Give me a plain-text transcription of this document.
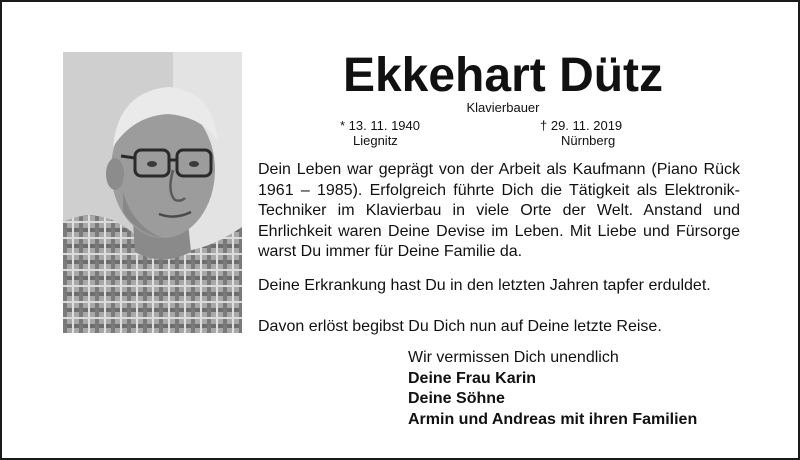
Ekkehart Dütz
Klavierbauer
* 13. 11. 1940
Liegnitz
† 29. 11. 2019
Nürnberg

Dein Leben war geprägt von der Arbeit als Kaufmann (Piano Rück 1961 – 1985). Erfolgreich führte Dich die Tätigkeit als Elektronik-Techniker im Klavierbau in viele Orte der Welt. Anstand und Ehrlichkeit waren Deine Devise im Leben. Mit Liebe und Fürsorge warst Du immer für Deine Familie da.

Deine Erkrankung hast Du in den letzten Jahren tapfer erduldet.

Davon erlöst begibst Du Dich nun auf Deine letzte Reise.

Wir vermissen Dich unendlich
Deine Frau Karin
Deine Söhne
Armin und Andreas mit ihren Familien
